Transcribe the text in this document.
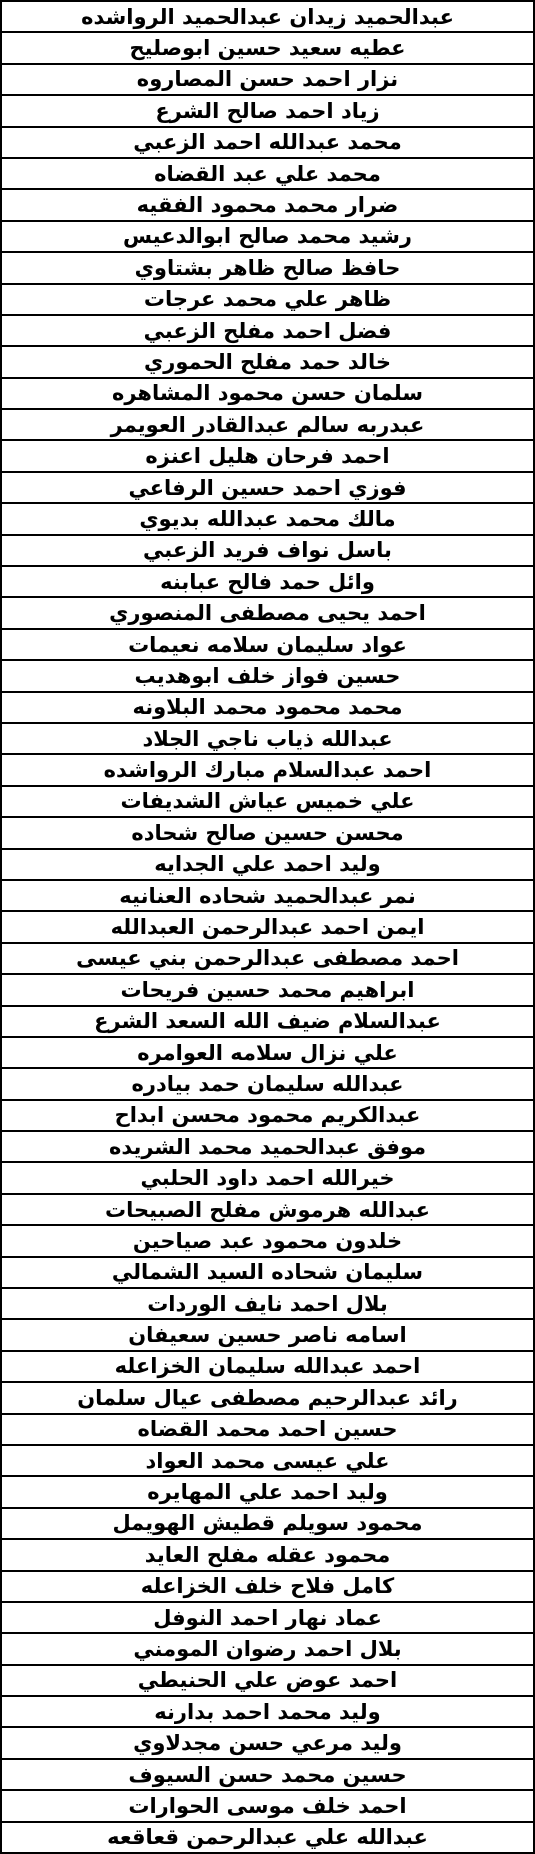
عبدالحميد زيدان عبدالحميد الرواشده
عطيه سعيد حسين ابوصليح
نزار احمد حسن المصاروه
زياد احمد صالح الشرع
محمد عبدالله احمد الزعبي
محمد علي عبد القضاه
ضرار محمد محمود الفقيه
رشيد محمد صالح ابوالدعيس
حافظ صالح ظاهر بشتاوي
ظاهر علي محمد عرجات
فضل احمد مفلح الزعبي
خالد حمد مفلح الحموري
سلمان حسن محمود المشاهره
عبدربه سالم عبدالقادر العويمر
احمد فرحان هليل اعنزه
فوزي احمد حسين الرفاعي
مالك محمد عبدالله بديوي
باسل نواف فريد الزعبي
وائل حمد فالح عبابنه
احمد يحيى مصطفى المنصوري
عواد سليمان سلامه نعيمات
حسين فواز خلف ابوهديب
محمد محمود محمد البلاونه
عبدالله ذياب ناجي الجلاد
احمد عبدالسلام مبارك الرواشده
علي خميس عياش الشديفات
محسن حسين صالح شحاده
وليد احمد علي الجدايه
نمر عبدالحميد شحاده العنانيه
ايمن احمد عبدالرحمن العبدالله
احمد مصطفى عبدالرحمن بني عيسى
ابراهيم محمد حسين فريحات
عبدالسلام ضيف الله السعد الشرع
علي نزال سلامه العوامره
عبدالله سليمان حمد بيادره
عبدالكريم محمود محسن ابداح
موفق عبدالحميد محمد الشريده
خيرالله احمد داود الحلبي
عبدالله هرموش مفلح الصبيحات
خلدون محمود عبد صياحين
سليمان شحاده السيد الشمالي
بلال احمد نايف الوردات
اسامه ناصر حسين سعيفان
احمد عبدالله سليمان الخزاعله
رائد عبدالرحيم مصطفى عيال سلمان
حسين احمد محمد القضاه
علي عيسى محمد العواد
وليد احمد علي المهايره
محمود سويلم قطيش الهويمل
محمود عقله مفلح العايد
كامل فلاح خلف الخزاعله
عماد نهار احمد النوفل
بلال احمد رضوان المومني
احمد عوض علي الحنيطي
وليد محمد احمد بدارنه
وليد مرعي حسن مجدلاوي
حسين محمد حسن السيوف
احمد خلف موسى الحوارات
عبدالله علي عبدالرحمن قعاقعه
